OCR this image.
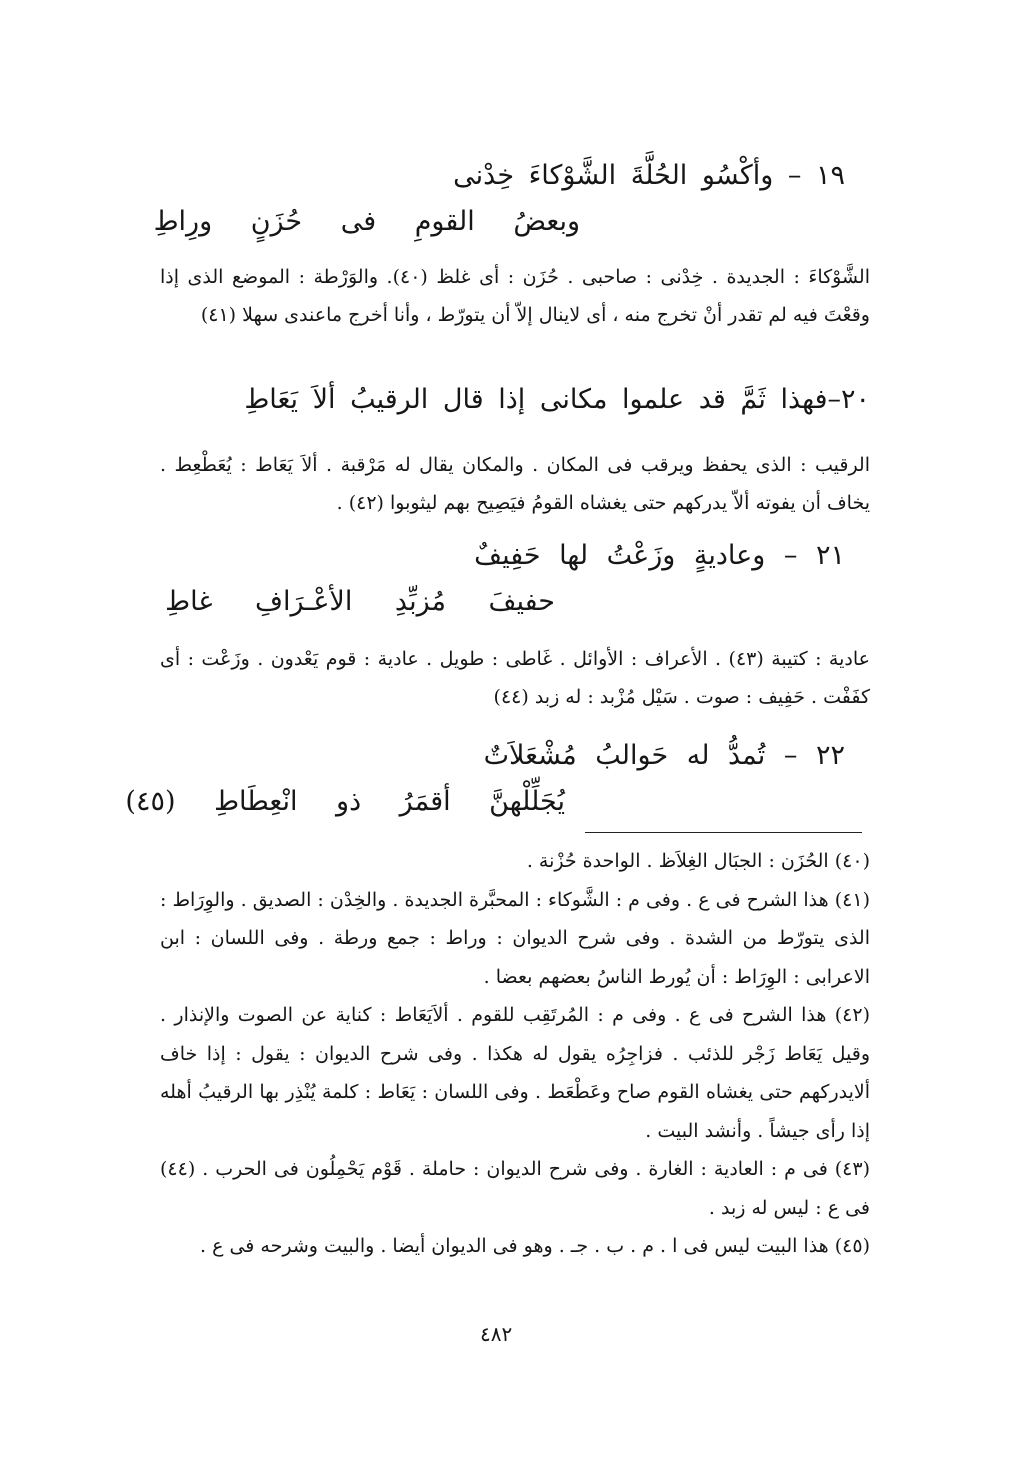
١٩ – وأكْسُو الحُلَّةَ الشَّوْكاءَ خِدْنى
وبعضُ القومِ فى حُزَنٍ ورِاطِ
الشَّوْكاءَ : الجديدة . خِدْنى : صاحبى . حُزَن : أى غلظ (٤٠). والوَرْطة : الموضع الذى إذا وقعْتَ فيه لم تقدر أنْ تخرج منه ، أى لاينال إلاّ أن يتورّط ، وأنا أخرج ماعندى سهلا (٤١)
٢٠–فهذا ثَمَّ قد علموا مكانى إذا قال الرقيبُ ألاَ يَعَاطِ
الرقيب : الذى يحفظ ويرقب فى المكان . والمكان يقال له مَرْقبة . ألاَ يَعَاط : يُعَطْعِط . يخاف أن يفوته ألاّ يدركهم حتى يغشاه القومُ فيَصِيح بهم ليثوبوا (٤٢) .
٢١ – وعاديةٍ وزَعْتُ لها حَفِيفٌ
حفيفَ مُزبِّدِ الأعْـرَافِ غاطِ
عادية : كتيبة (٤٣) . الأعراف : الأوائل . غَاطى : طويل . عادية : قوم يَعْدون . وزَعْت : أى كفَفْت . حَفِيف : صوت . سَيْل مُزْبد : له زبد (٤٤)
٢٢ – تُمدُّ له حَوالبُ مُشْعَلاَتٌ
يُجَلِّلْهنَّ أقمَرُ ذو انْعِطَاطِ (٤٥)

(٤٠) الحُزَن : الجبَال الغِلاَظ . الواحدة حُزْنة .

(٤١) هذا الشرح فى ع . وفى م : الشَّوكاء : المحبَّرة الجديدة . والخِدْن : الصديق . والوِرَاط : الذى يتورّط من الشدة . وفى شرح الديوان : وراط : جمع ورطة . وفى اللسان : ابن الاعرابى : الوِرَاط : أن يُورط الناسُ بعضهم بعضا .

(٤٢) هذا الشرح فى ع . وفى م : المُرتَقِب للقوم . ألاَيَعَاط : كناية عن الصوت والإنذار . وقيل يَعَاط زَجْر للذئب . فزاجِرُه يقول له هكذا . وفى شرح الديوان : يقول : إذا خاف ألايدركهم حتى يغشاه القوم صاح وعَطْعَط . وفى اللسان : يَعَاط : كلمة يُنْذِر بها الرقيبُ أهله إذا رأى جيشاً . وأنشد البيت .

(٤٣) فى م : العادية : الغارة . وفى شرح الديوان : حاملة . قَوْم يَحْمِلُون فى الحرب . (٤٤) فى ع : ليس له زبد .

(٤٥) هذا البيت ليس فى ا . م . ب . جـ . وهو فى الديوان أيضا . والبيت وشرحه فى ع .

٤٨٢
